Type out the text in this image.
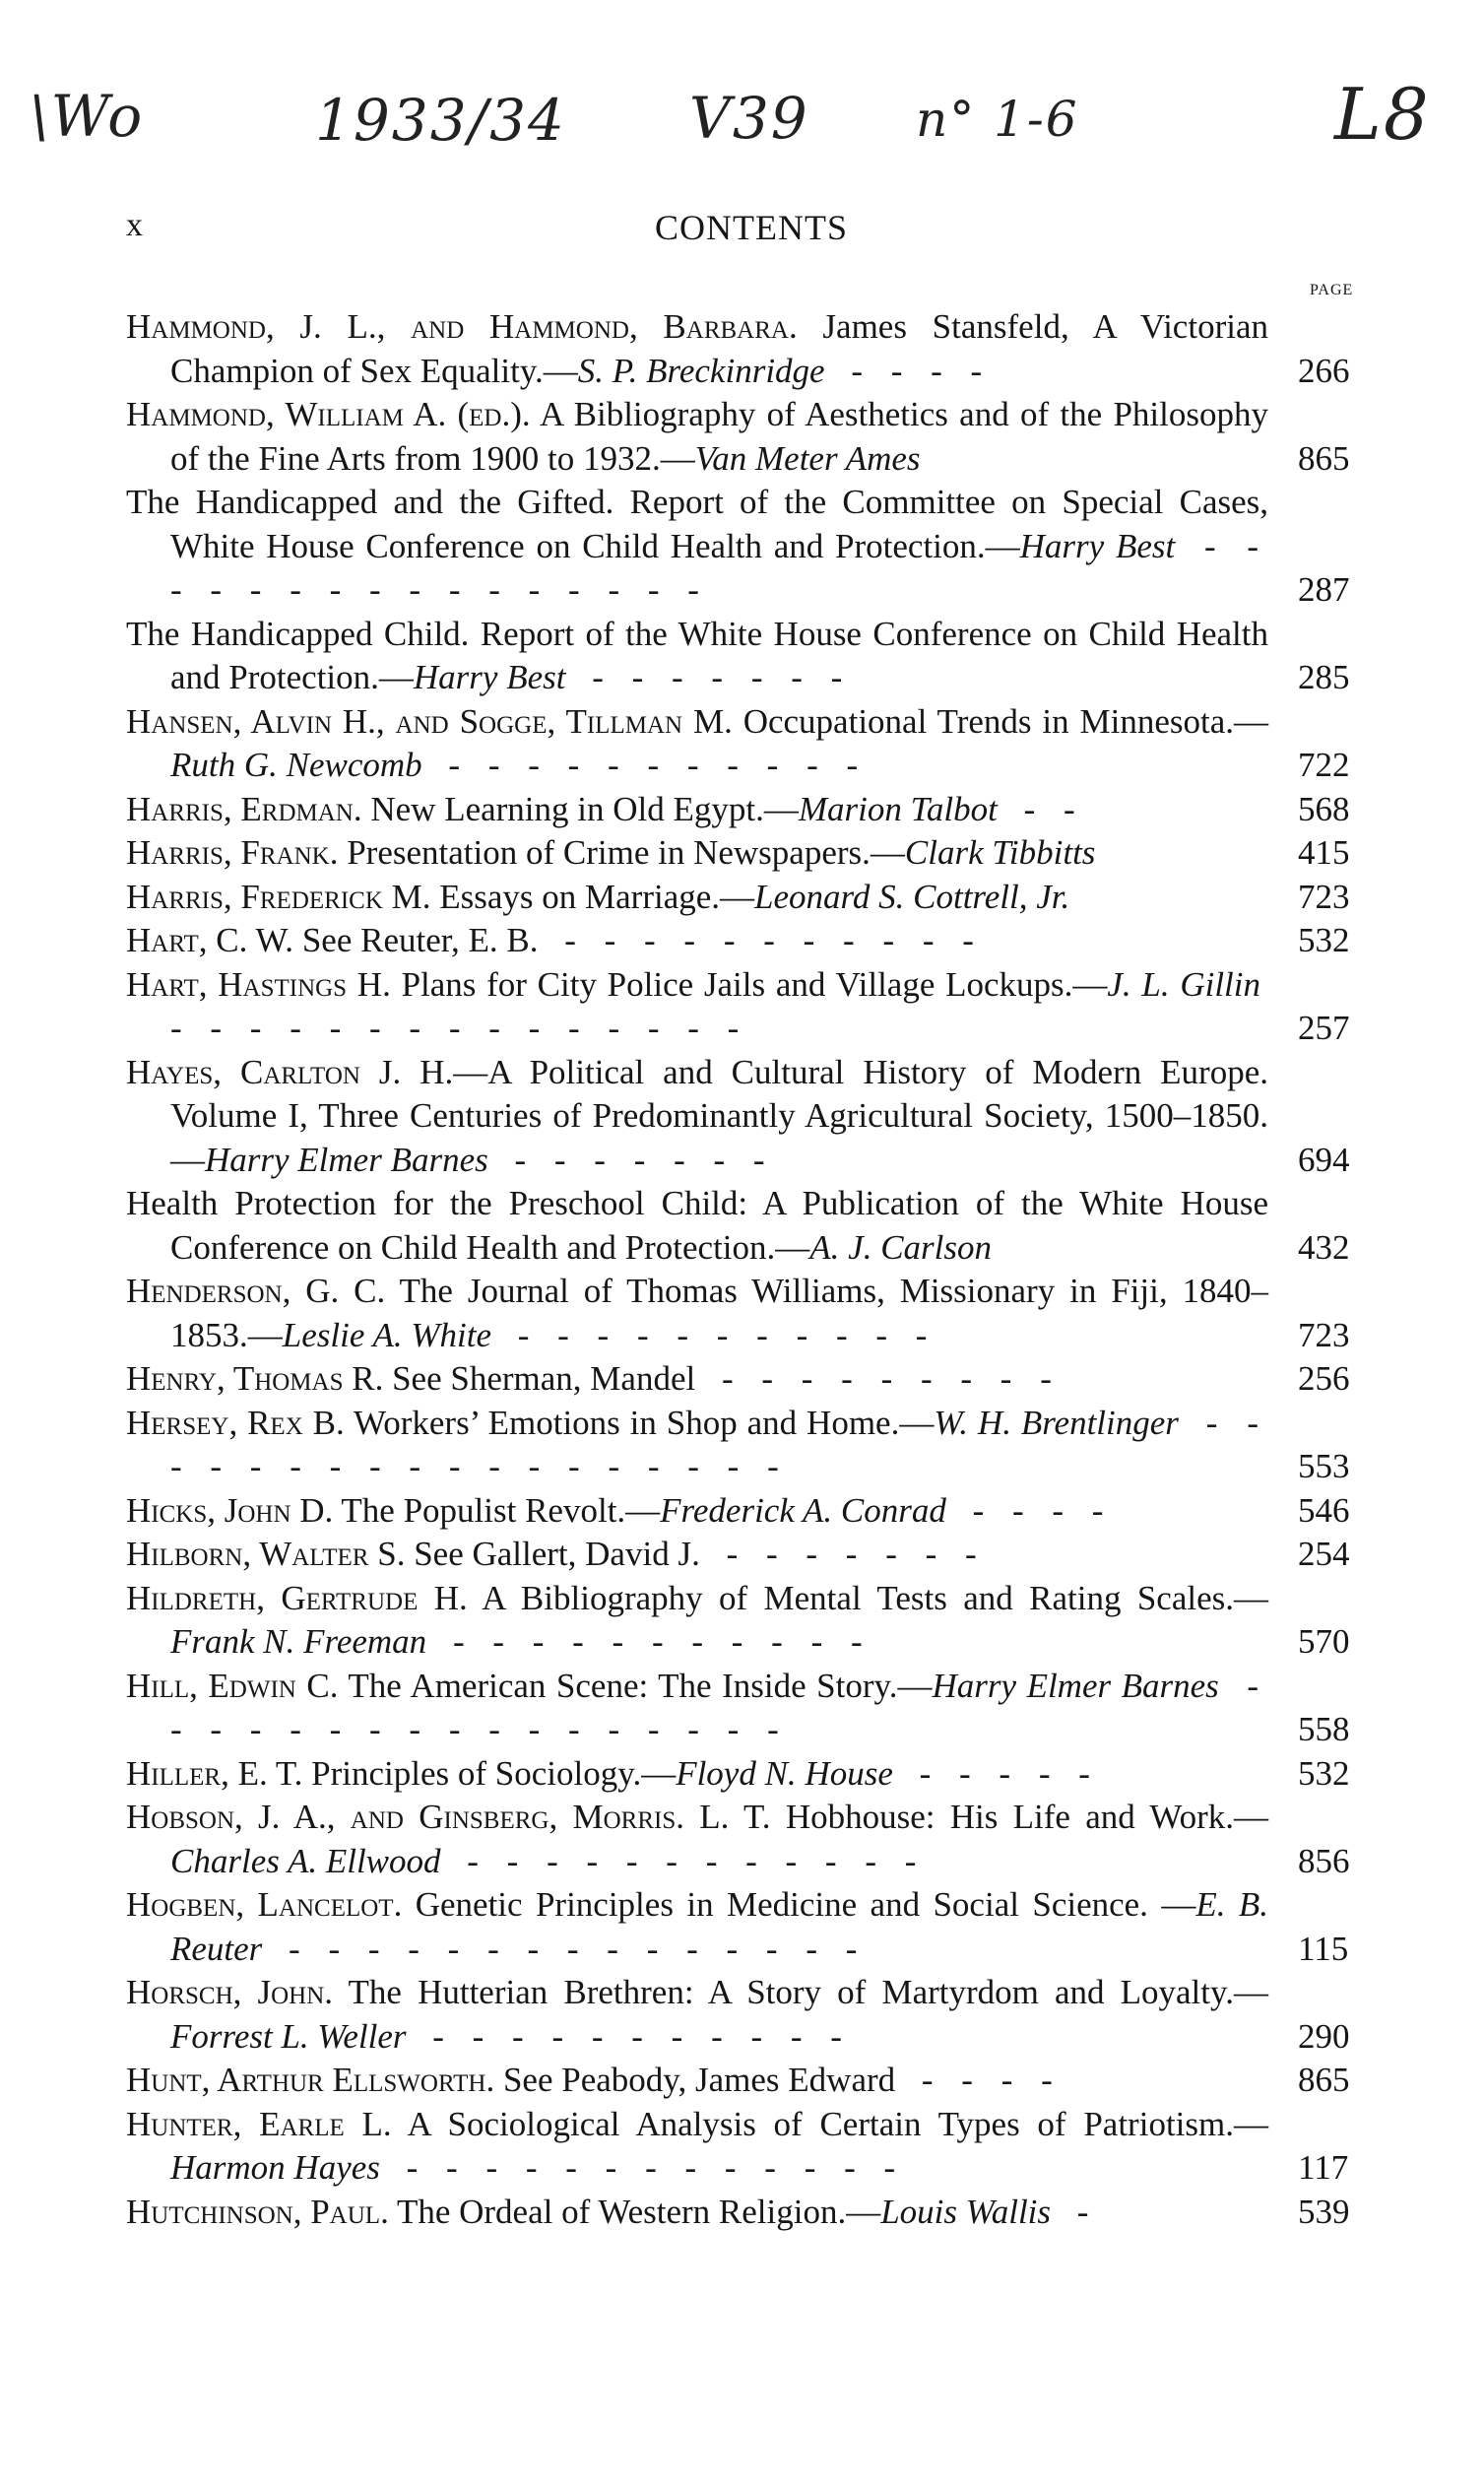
\Wo	1933/34 V39 n° 1-6	L8
x	CONTENTS
PAGE
Hammond, J. L., and Hammond, Barbara. James Stansfeld, A Victorian Champion of Sex Equality.—S. P. Breckinridge - - - -	266
Hammond, William A. (ed.). A Bibliography of Aesthetics and of the Philosophy of the Fine Arts from 1900 to 1932.—Van Meter Ames	865
The Handicapped and the Gifted. Report of the Committee on Special Cases, White House Conference on Child Health and Protection.—Harry Best - - - - - - - - - - - - - - - -	287
The Handicapped Child. Report of the White House Conference on Child Health and Protection.—Harry Best - - - - - - -	285
Hansen, Alvin H., and Sogge, Tillman M. Occupational Trends in Minnesota.—Ruth G. Newcomb - - - - - - - - - - -	722
Harris, Erdman. New Learning in Old Egypt.—Marion Talbot - -	568
Harris, Frank. Presentation of Crime in Newspapers.—Clark Tibbitts	415
Harris, Frederick M. Essays on Marriage.—Leonard S. Cottrell, Jr.	723
Hart, C. W. See Reuter, E. B. - - - - - - - - - - -	532
Hart, Hastings H. Plans for City Police Jails and Village Lockups.—J. L. Gillin - - - - - - - - - - - - - - -	257
Hayes, Carlton J. H.—A Political and Cultural History of Modern Europe. Volume I, Three Centuries of Predominantly Agricultural Society, 1500–1850.—Harry Elmer Barnes - - - - - - -	694
Health Protection for the Preschool Child: A Publication of the White House Conference on Child Health and Protection.—A. J. Carlson	432
Henderson, G. C. The Journal of Thomas Williams, Missionary in Fiji, 1840–1853.—Leslie A. White - - - - - - - - - - -	723
Henry, Thomas R. See Sherman, Mandel - - - - - - - - -	256
Hersey, Rex B. Workers’ Emotions in Shop and Home.—W. H. Brentlinger - - - - - - - - - - - - - - - - - -	553
Hicks, John D. The Populist Revolt.—Frederick A. Conrad - - - -	546
Hilborn, Walter S. See Gallert, David J. - - - - - - -	254
Hildreth, Gertrude H. A Bibliography of Mental Tests and Rating Scales.—Frank N. Freeman - - - - - - - - - - -	570
Hill, Edwin C. The American Scene: The Inside Story.—Harry Elmer Barnes - - - - - - - - - - - - - - - - -	558
Hiller, E. T. Principles of Sociology.—Floyd N. House - - - - -	532
Hobson, J. A., and Ginsberg, Morris. L. T. Hobhouse: His Life and Work.—Charles A. Ellwood - - - - - - - - - - - -	856
Hogben, Lancelot. Genetic Principles in Medicine and Social Science. —E. B. Reuter - - - - - - - - - - - - - - -	115
Horsch, John. The Hutterian Brethren: A Story of Martyrdom and Loyalty.—Forrest L. Weller - - - - - - - - - - -	290
Hunt, Arthur Ellsworth. See Peabody, James Edward - - - -	865
Hunter, Earle L. A Sociological Analysis of Certain Types of Patriotism.—Harmon Hayes - - - - - - - - - - - - -	117
Hutchinson, Paul. The Ordeal of Western Religion.—Louis Wallis -	539
